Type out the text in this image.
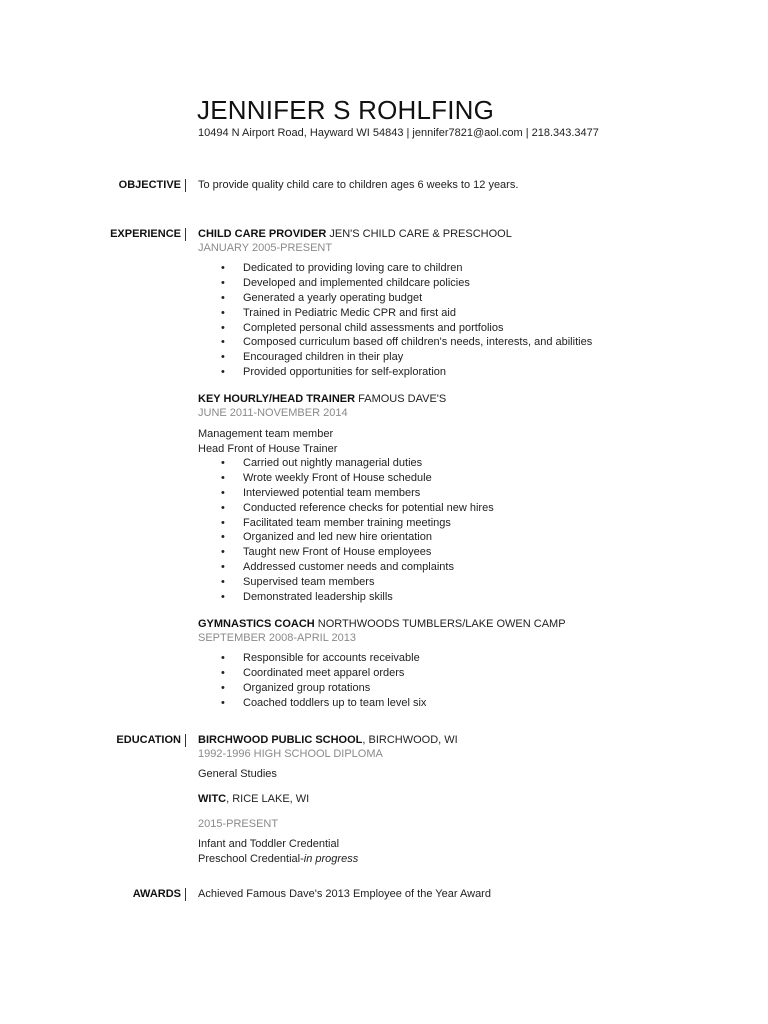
JENNIFER S ROHLFING
10494 N Airport Road, Hayward WI 54843 | jennifer7821@aol.com | 218.343.3477
OBJECTIVE To provide quality child care to children ages 6 weeks to 12 years.
EXPERIENCE CHILD CARE PROVIDER JEN'S CHILD CARE & PRESCHOOL
JANUARY 2005-PRESENT
• Dedicated to providing loving care to children
• Developed and implemented childcare policies
• Generated a yearly operating budget
• Trained in Pediatric Medic CPR and first aid
• Completed personal child assessments and portfolios
• Composed curriculum based off children's needs, interests, and abilities
• Encouraged children in their play
• Provided opportunities for self-exploration
KEY HOURLY/HEAD TRAINER FAMOUS DAVE'S
JUNE 2011-NOVEMBER 2014
Management team member
Head Front of House Trainer
• Carried out nightly managerial duties
• Wrote weekly Front of House schedule
• Interviewed potential team members
• Conducted reference checks for potential new hires
• Facilitated team member training meetings
• Organized and led new hire orientation
• Taught new Front of House employees
• Addressed customer needs and complaints
• Supervised team members
• Demonstrated leadership skills
GYMNASTICS COACH NORTHWOODS TUMBLERS/LAKE OWEN CAMP
SEPTEMBER 2008-APRIL 2013
• Responsible for accounts receivable
• Coordinated meet apparel orders
• Organized group rotations
• Coached toddlers up to team level six
EDUCATION BIRCHWOOD PUBLIC SCHOOL, BIRCHWOOD, WI
1992-1996 HIGH SCHOOL DIPLOMA
General Studies
WITC, RICE LAKE, WI
2015-PRESENT
Infant and Toddler Credential
Preschool Credential-in progress
AWARDS Achieved Famous Dave's 2013 Employee of the Year Award
